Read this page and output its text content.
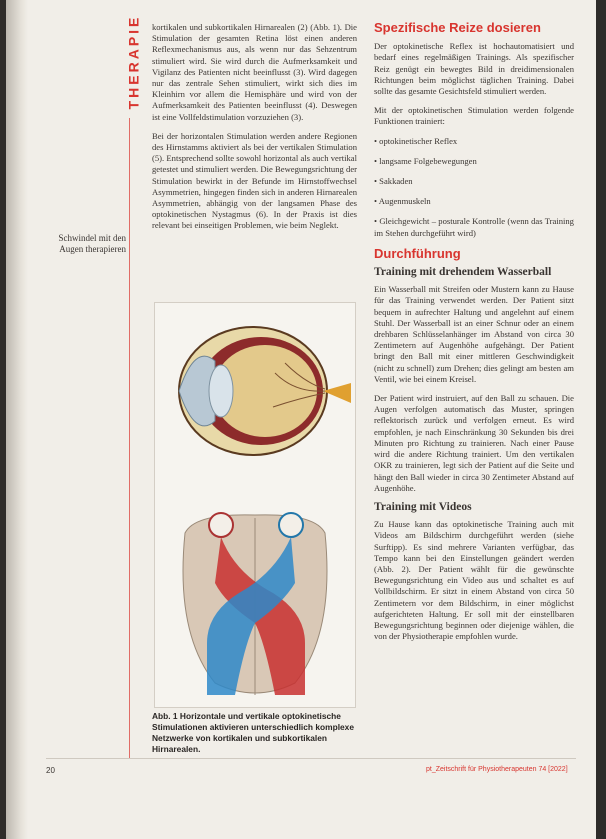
THERAPIE
Schwindel mit den Augen therapieren

kortikalen und subkortikalen Hirnarealen (2) (Abb. 1). Die Stimulation der gesamten Retina löst einen anderen Reflexmechanismus aus, als wenn nur das Sehzentrum stimuliert wird. Sie wird durch die Aufmerksamkeit und Vigilanz des Patienten nicht beeinflusst (3). Wird dagegen nur das zentrale Sehen stimuliert, wirkt sich dies im Kleinhirn vor allem die Hemisphäre und wird von der Aufmerksamkeit des Patienten beeinflusst (4). Deswegen ist eine Vollfeldstimulation vorzuziehen (3).

Bei der horizontalen Stimulation werden andere Regionen des Hirnstamms aktiviert als bei der vertikalen Stimulation (5). Entsprechend sollte sowohl horizontal als auch vertikal getestet und stimuliert werden. Die Bewegungsrichtung der Stimulation bewirkt in der Befunde im Hirnstoffwechsel Asymmetrien, hingegen finden sich in anderen Hirnarealen Asymmetrien, abhängig von der langsamen Phase des optokinetischen Nystagmus (6). In der Praxis ist dies relevant bei einseitigen Problemen, wie beim Neglekt.

Abb. 1 Horizontale und vertikale optokinetische Stimulationen aktivieren unterschiedlich komplexe Netzwerke von kortikalen und subkortikalen Hirnarealen.
Spezifische Reize dosieren

Der optokinetische Reflex ist hochautomatisiert und bedarf eines regelmäßigen Trainings. Als spezifischer Reiz genügt ein bewegtes Bild in dreidimensionalen Richtungen beim möglichst täglichen Training. Dabei sollte das gesamte Gesichtsfeld stimuliert werden.

Mit der optokinetischen Stimulation werden folgende Funktionen trainiert:

• optokinetischer Reflex
• langsame Folgebewegungen
• Sakkaden
• Augenmuskeln
• Gleichgewicht – posturale Kontrolle (wenn das Training im Stehen durchgeführt wird)
Durchführung
Training mit drehendem Wasserball

Ein Wasserball mit Streifen oder Mustern kann zu Hause für das Training verwendet werden. Der Patient sitzt bequem in aufrechter Haltung und angelehnt auf einem Stuhl. Der Wasserball ist an einer Schnur oder an einem drehbaren Schlüsselanhänger im Abstand von circa 30 Zentimetern auf Augenhöhe aufgehängt. Der Patient bringt den Ball mit einer mittleren Geschwindigkeit (nicht zu schnell) zum Drehen; dies gelingt am besten am Ventil, wie bei einem Kreisel.

Der Patient wird instruiert, auf den Ball zu schauen. Die Augen verfolgen automatisch das Muster, springen reflektorisch zurück und verfolgen erneut. Es wird empfohlen, je nach Einschränkung 30 Sekunden bis drei Minuten pro Richtung zu trainieren. Nach einer Pause wird die andere Richtung trainiert. Um den vertikalen OKR zu trainieren, legt sich der Patient auf die Seite und hängt den Ball wieder in circa 30 Zentimeter Abstand auf Augenhöhe.

Training mit Videos

Zu Hause kann das optokinetische Training auch mit Videos am Bildschirm durchgeführt werden (siehe Surftipp). Es sind mehrere Varianten verfügbar, das Tempo kann bei den Einstellungen geändert werden (Abb. 2). Der Patient wählt für die gewünschte Bewegungsrichtung ein Video aus und schaltet es auf Vollbildschirm. Er sitzt in einem Abstand von circa 50 Zentimetern vor dem Bildschirm, in einer möglichst aufgerichteten Haltung. Er soll mit der einstellbaren Bewegungsrichtung beginnen oder diejenige wählen, die von der Physiotherapie empfohlen wurde.

20	pt_Zeitschrift für Physiotherapeuten 74 [2022]
